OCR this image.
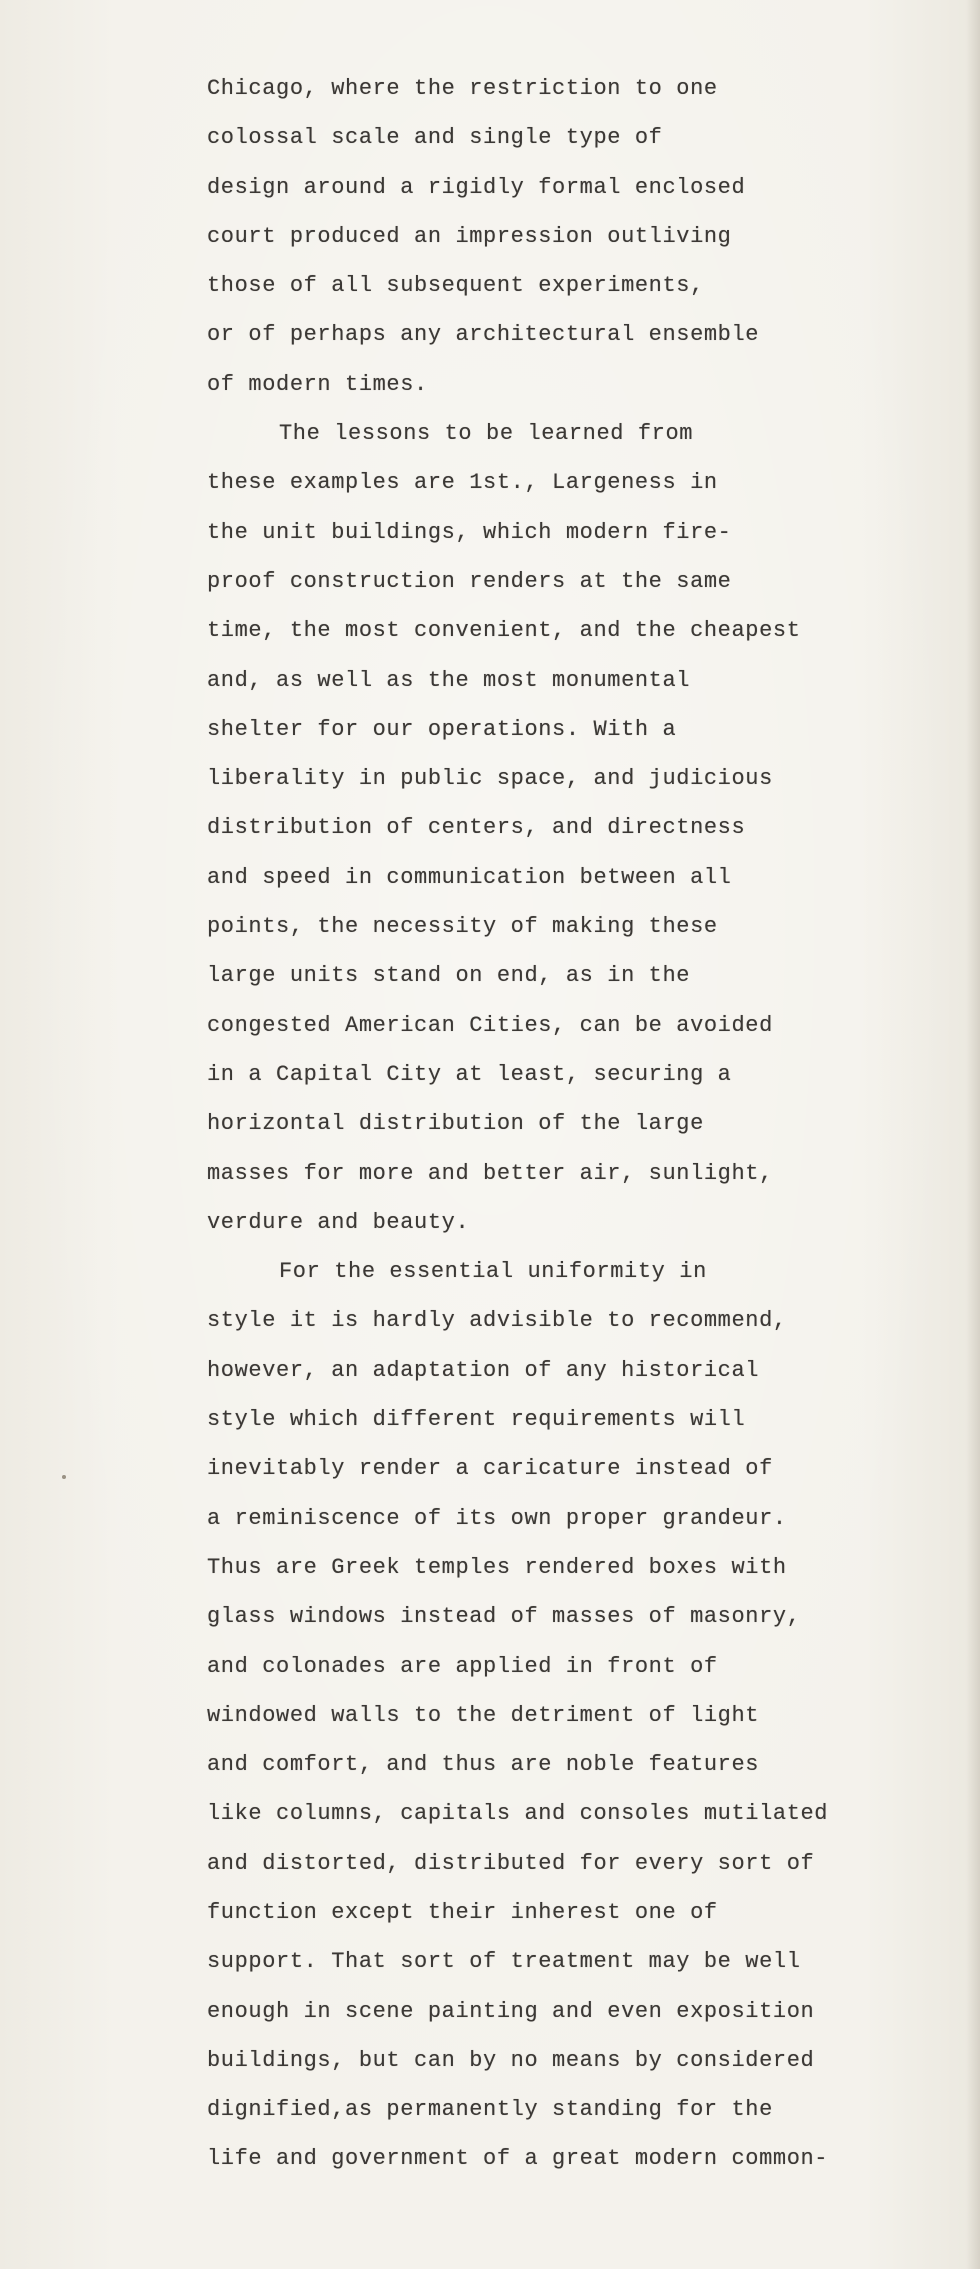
Chicago, where the restriction to one
colossal scale and single type of
design around a rigidly formal enclosed
court produced an impression outliving
those of all subsequent experiments,
or of perhaps any architectural ensemble
of modern times.
The lessons to be learned from
these examples are 1st., Largeness in
the unit buildings, which modern fire-
proof construction renders at the same
time, the most convenient, and the cheapest
and, as well as the most monumental
shelter for our operations. With a
liberality in public space, and judicious
distribution of centers, and directness
and speed in communication between all
points, the necessity of making these
large units stand on end, as in the
congested American Cities, can be avoided
in a Capital City at least, securing a
horizontal distribution of the large
masses for more and better air, sunlight,
verdure and beauty.
For the essential uniformity in
style it is hardly advisible to recommend,
however, an adaptation of any historical
style which different requirements will
inevitably render a caricature instead of
a reminiscence of its own proper grandeur.
Thus are Greek temples rendered boxes with
glass windows instead of masses of masonry,
and colonades are applied in front of
windowed walls to the detriment of light
and comfort, and thus are noble features
like columns, capitals and consoles mutilated
and distorted, distributed for every sort of
function except their inherest one of
support. That sort of treatment may be well
enough in scene painting and even exposition
buildings, but can by no means by considered
dignified,as permanently standing for the
life and government of a great modern common-
